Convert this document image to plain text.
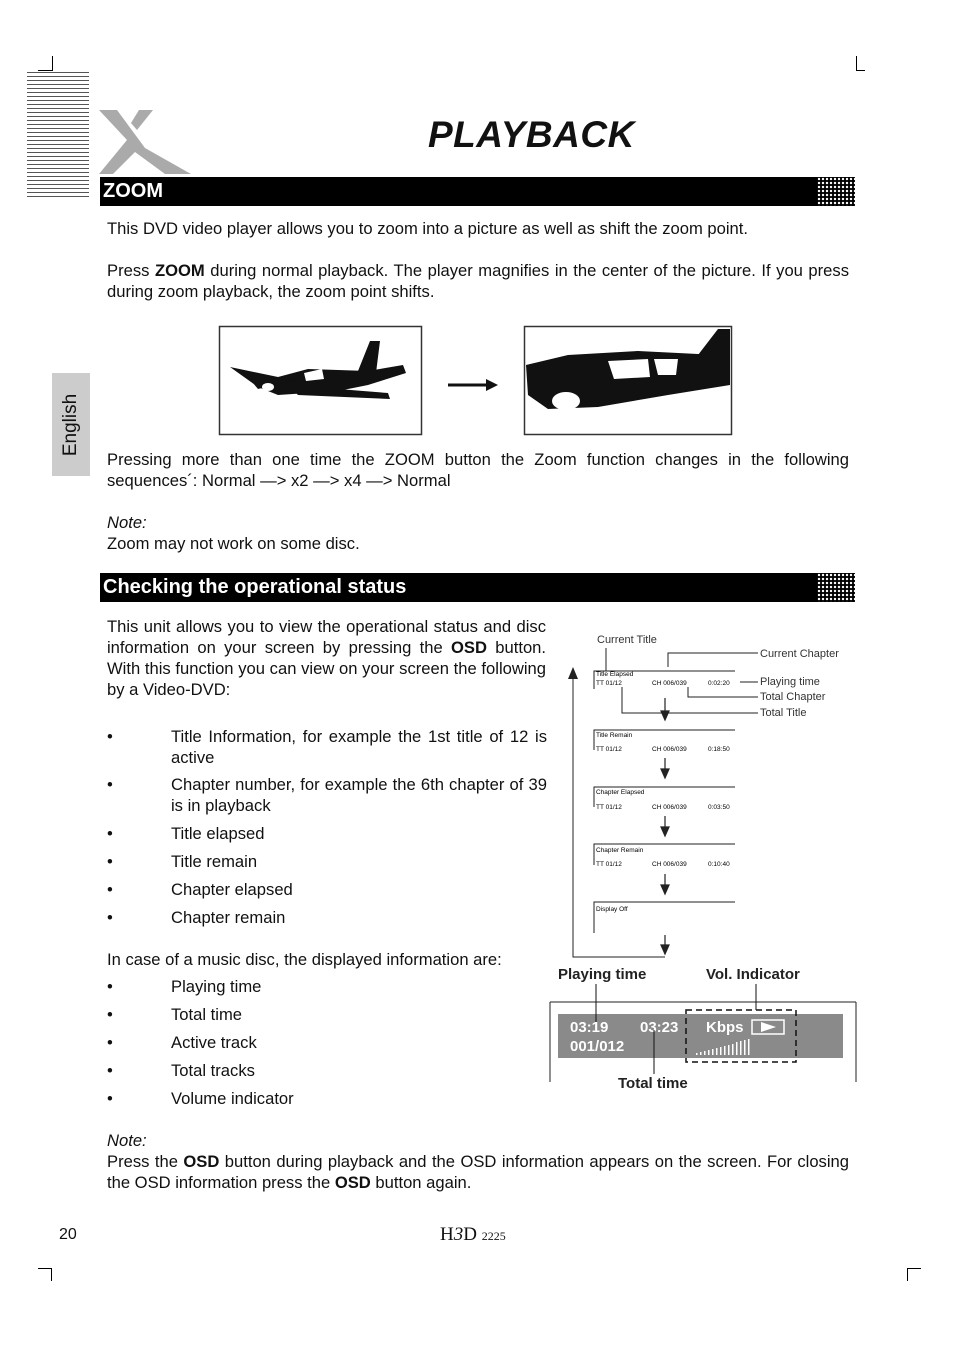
PLAYBACK
English
ZOOM
This DVD video player allows you to zoom into a picture as well as shift the zoom point.
Press ZOOM during normal playback. The player magnifies in the center of the picture. If you press during zoom playback, the zoom point shifts.
Pressing more than one time the ZOOM button the Zoom function changes in the following sequences´: Normal —> x2 —> x4 —> Normal
Note:
Zoom may not work on some disc.
Checking the operational status
This unit allows you to view the operational status and disc information on your screen by pressing the OSD button. With this function you can view on your screen the following by a Video-DVD:
•	Title Information, for example the 1st title of 12 is active
•	Chapter number, for example the 6th chapter of 39 is in playback
•	Title elapsed
•	Title remain
•	Chapter elapsed
•	Chapter remain
In case of a music disc, the displayed information are:
•	Playing time
•	Total time
•	Active track
•	Total tracks
•	Volume indicator
Current Title
Current Chapter
Playing time
Total Chapter
Total Title
Title Elapsed
TT 01/12	CH 006/039	0:02:20
Title Remain
TT 01/12	CH 006/039	0:18:50
Chapter Elapsed
TT 01/12	CH 006/039	0:03:50
Chapter Remain
TT 01/12	CH 006/039	0:10:40
Display Off
Playing time	Vol. Indicator
03:19 03:23 Kbps
001/012
Total time
Note:
Press the OSD button during playback and the OSD information appears on the screen. For closing the OSD information press the OSD button again.
20	H3D 2225
